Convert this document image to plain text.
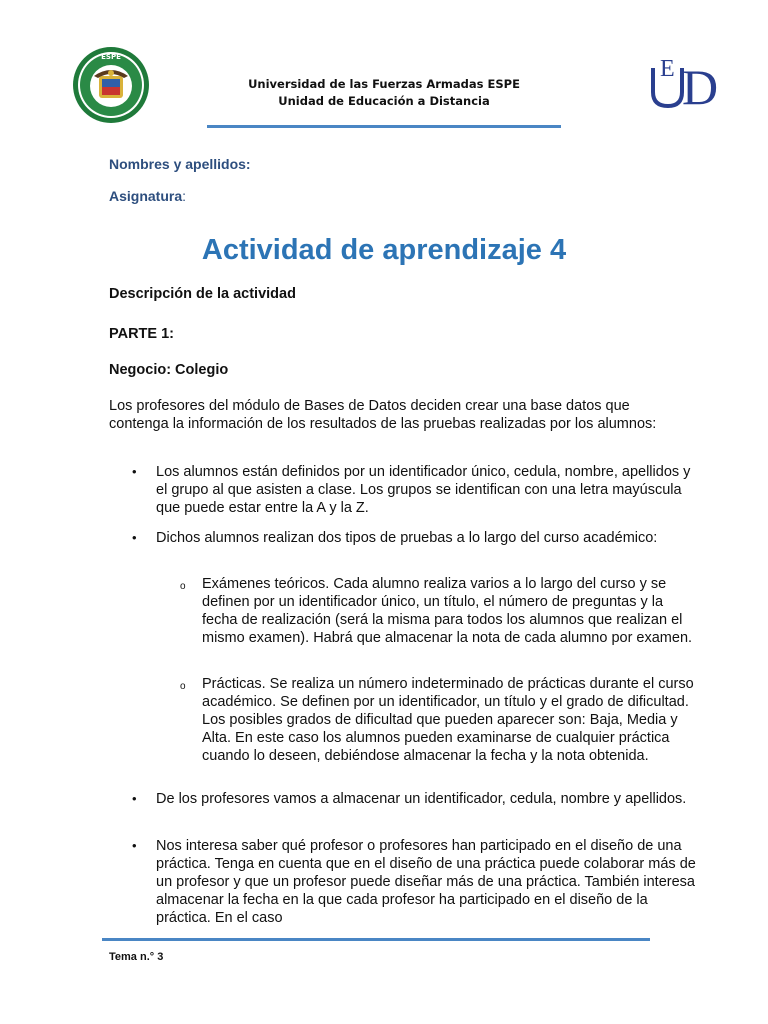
ESPE
Universidad de las Fuerzas Armadas ESPE
Unidad de Educación a Distancia
E D
Nombres y apellidos:
Asignatura:
Actividad de aprendizaje 4
Descripción de la actividad
PARTE 1:
Negocio: Colegio
Los profesores del módulo de Bases de Datos deciden crear una base datos que contenga la información de los resultados de las pruebas realizadas por los alumnos:
• Los alumnos están definidos por un identificador único, cedula, nombre, apellidos y el grupo al que asisten a clase. Los grupos se identifican con una letra mayúscula que puede estar entre la A y la Z.
• Dichos alumnos realizan dos tipos de pruebas a lo largo del curso académico:
o Exámenes teóricos. Cada alumno realiza varios a lo largo del curso y se definen por un identificador único, un título, el número de preguntas y la fecha de realización (será la misma para todos los alumnos que realizan el mismo examen). Habrá que almacenar la nota de cada alumno por examen.
o Prácticas. Se realiza un número indeterminado de prácticas durante el curso académico. Se definen por un identificador, un título y el grado de dificultad. Los posibles grados de dificultad que pueden aparecer son: Baja, Media y Alta. En este caso los alumnos pueden examinarse de cualquier práctica cuando lo deseen, debiéndose almacenar la fecha y la nota obtenida.
• De los profesores vamos a almacenar un identificador, cedula, nombre y apellidos.
• Nos interesa saber qué profesor o profesores han participado en el diseño de una práctica. Tenga en cuenta que en el diseño de una práctica puede colaborar más de un profesor y que un profesor puede diseñar más de una práctica. También interesa almacenar la fecha en la que cada profesor ha participado en el diseño de la práctica. En el caso
Tema n.° 3
